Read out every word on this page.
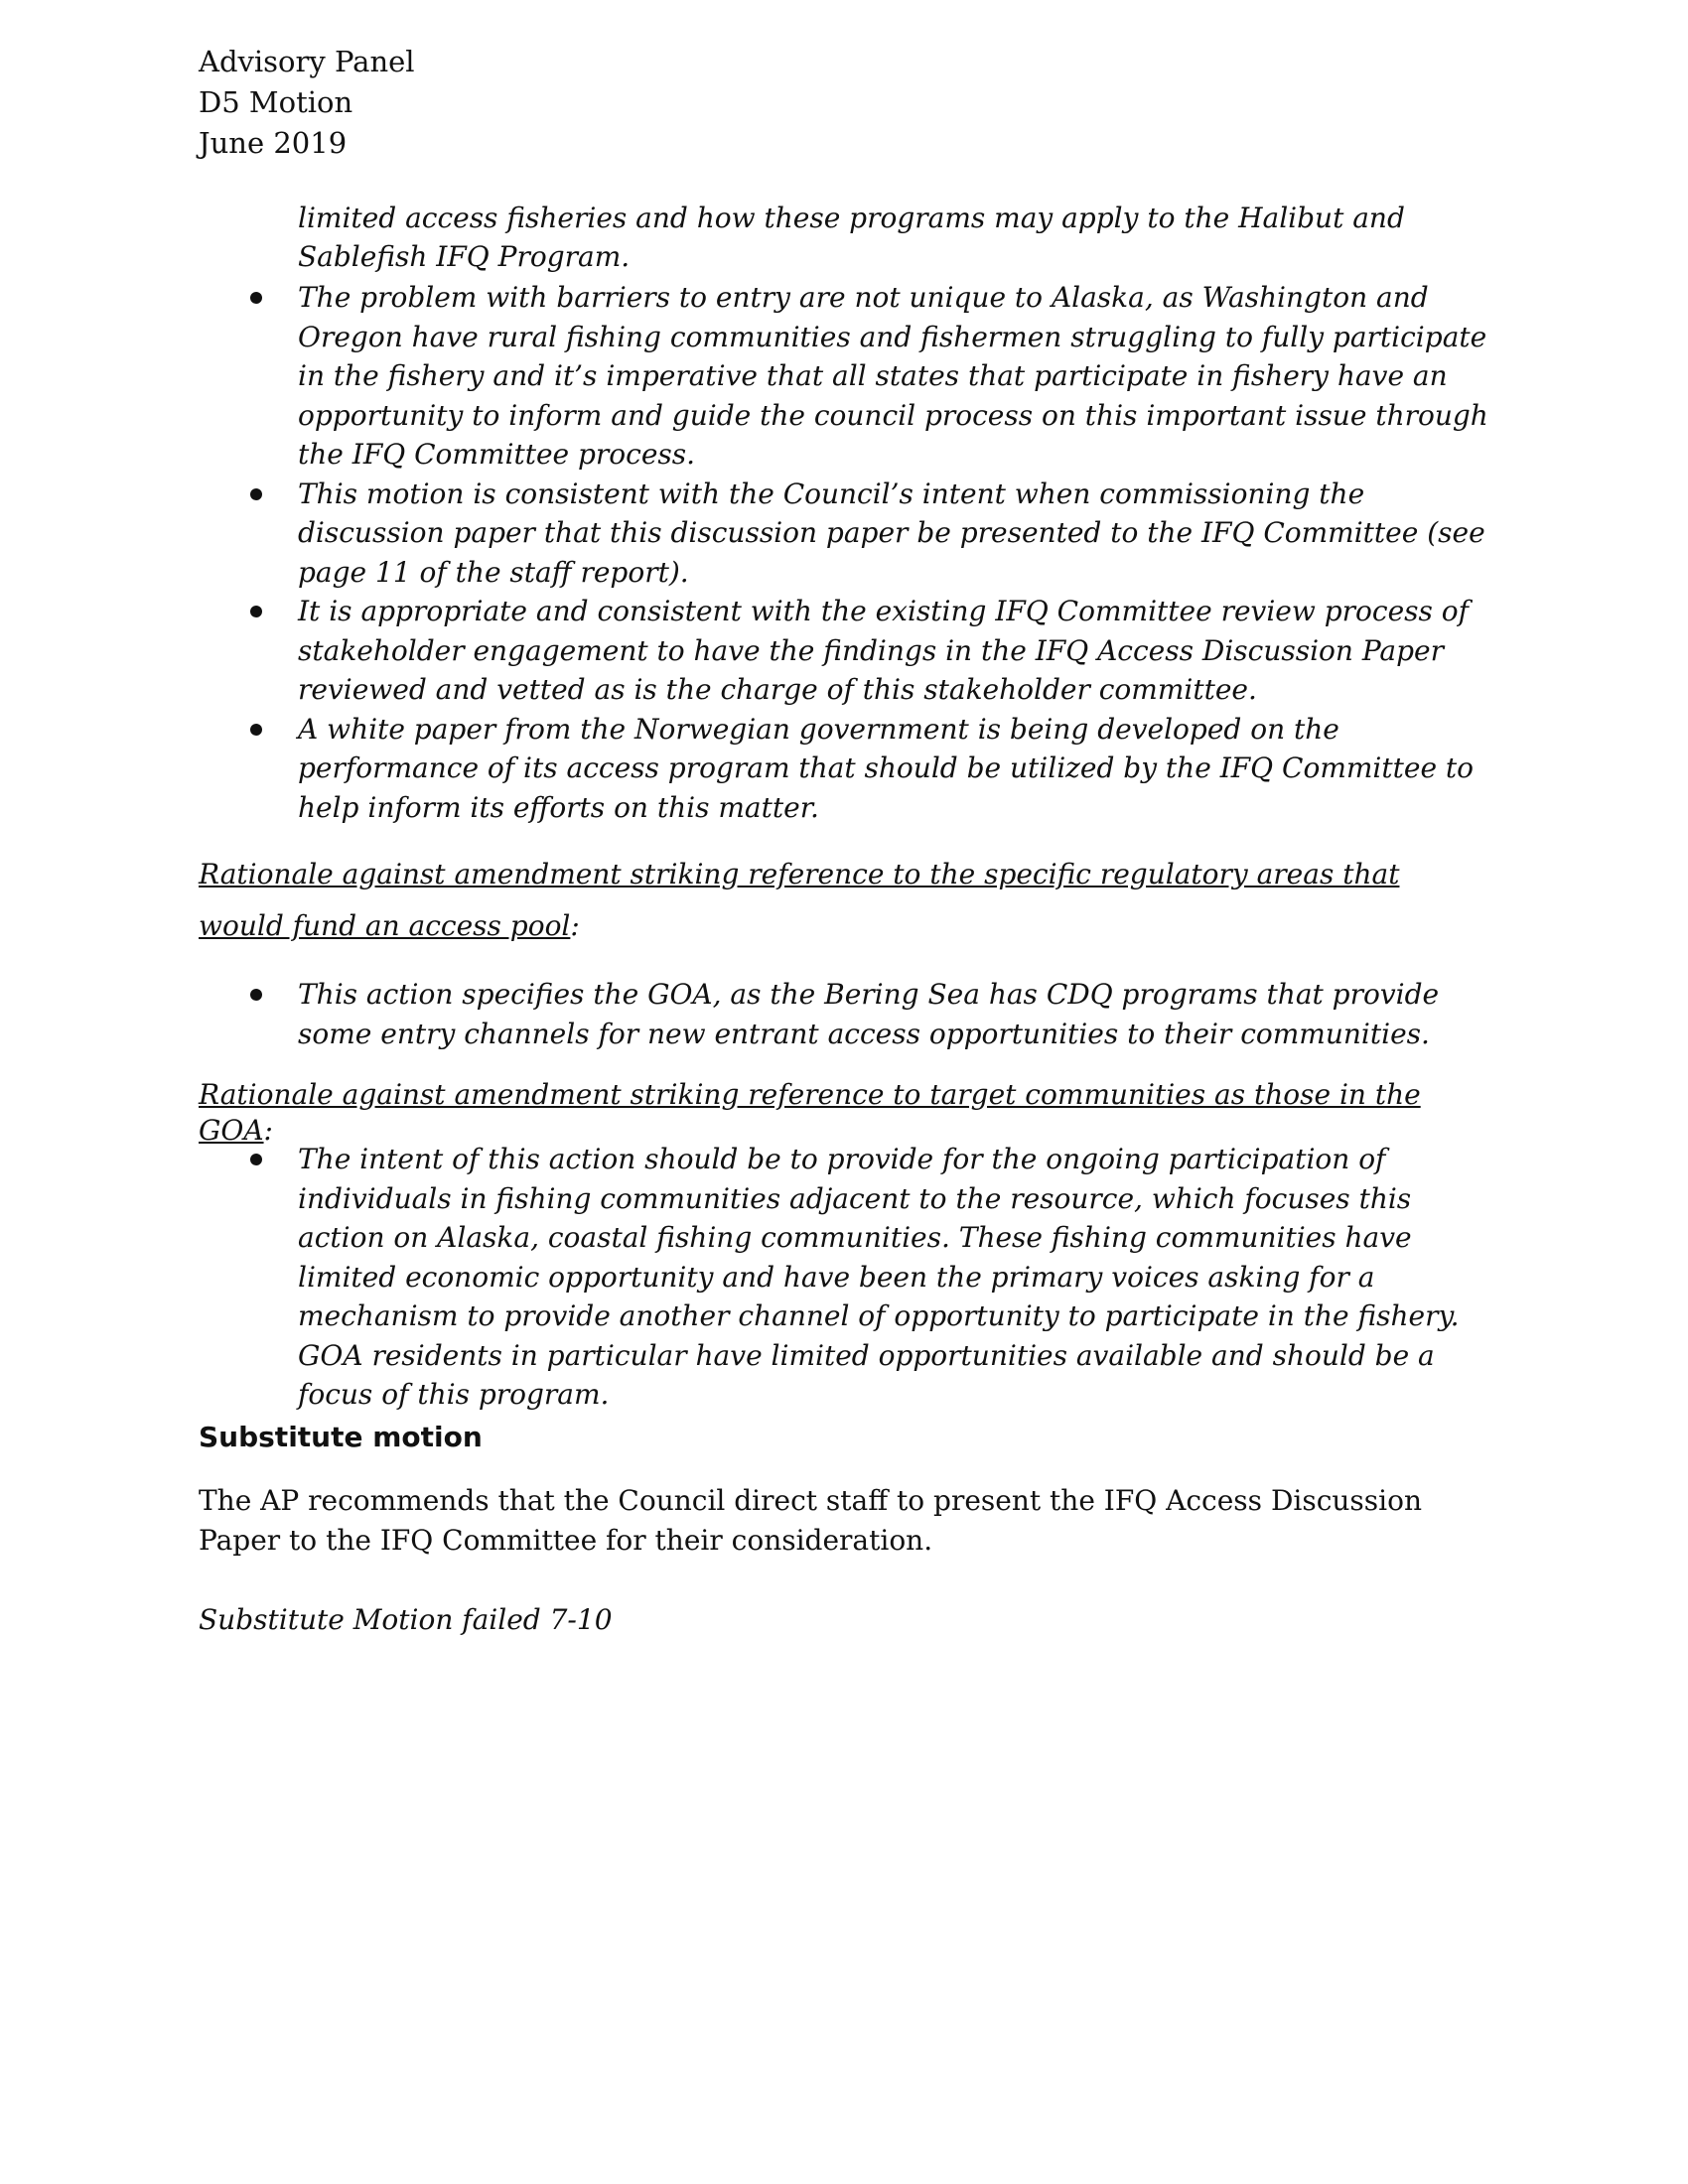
Advisory Panel
D5 Motion
June 2019
limited access fisheries and how these programs may apply to the Halibut and Sablefish IFQ Program.
The problem with barriers to entry are not unique to Alaska, as Washington and Oregon have rural fishing communities and fishermen struggling to fully participate in the fishery and it’s imperative that all states that participate in fishery have an opportunity to inform and guide the council process on this important issue through the IFQ Committee process.
This motion is consistent with the Council’s intent when commissioning the discussion paper that this discussion paper be presented to the IFQ Committee (see page 11 of the staff report).
It is appropriate and consistent with the existing IFQ Committee review process of stakeholder engagement to have the findings in the IFQ Access Discussion Paper reviewed and vetted as is the charge of this stakeholder committee.
A white paper from the Norwegian government is being developed on the performance of its access program that should be utilized by the IFQ Committee to help inform its efforts on this matter.
Rationale against amendment striking reference to the specific regulatory areas that would fund an access pool:
This action specifies the GOA, as the Bering Sea has CDQ programs that provide some entry channels for new entrant access opportunities to their communities.
Rationale against amendment striking reference to target communities as those in the GOA:
The intent of this action should be to provide for the ongoing participation of individuals in fishing communities adjacent to the resource, which focuses this action on Alaska, coastal fishing communities. These fishing communities have limited economic opportunity and have been the primary voices asking for a mechanism to provide another channel of opportunity to participate in the fishery. GOA residents in particular have limited opportunities available and should be a focus of this program.
Substitute motion
The AP recommends that the Council direct staff to present the IFQ Access Discussion Paper to the IFQ Committee for their consideration.
Substitute Motion failed 7-10
